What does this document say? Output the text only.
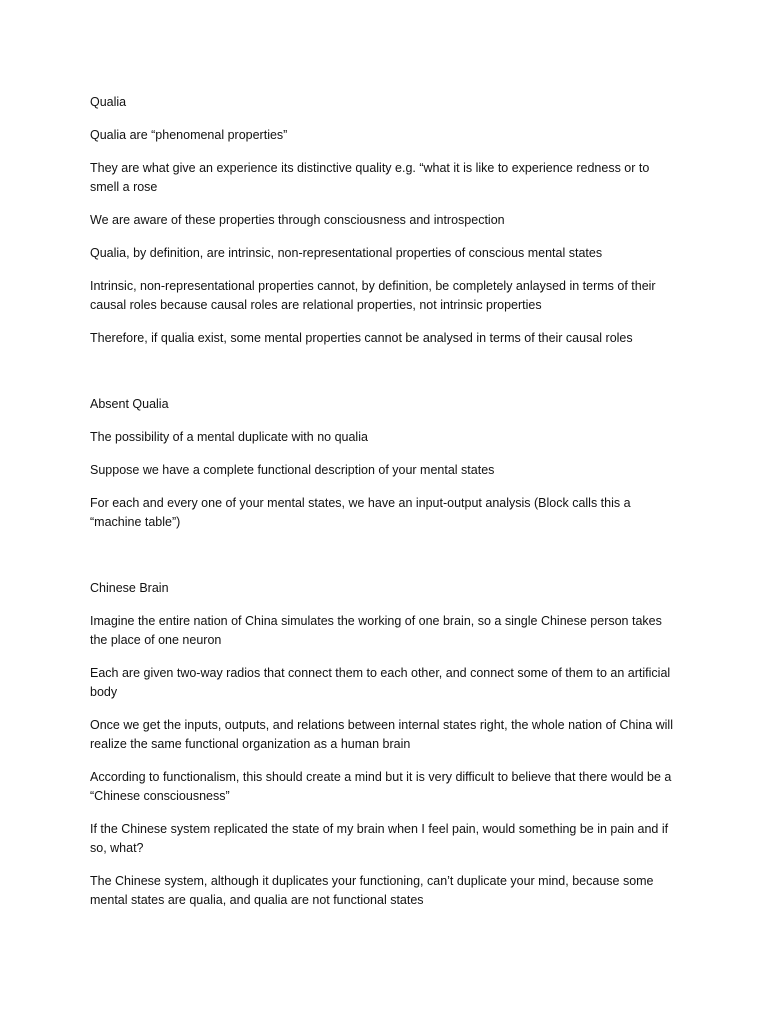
Qualia
Qualia are “phenomenal properties”
They are what give an experience its distinctive quality e.g. “what it is like to experience redness or to smell a rose
We are aware of these properties through consciousness and introspection
Qualia, by definition, are intrinsic, non-representational properties of conscious mental states
Intrinsic, non-representational properties cannot, by definition, be completely anlaysed in terms of their causal roles because causal roles are relational properties, not intrinsic properties
Therefore, if qualia exist, some mental properties cannot be analysed in terms of their causal roles
Absent Qualia
The possibility of a mental duplicate with no qualia
Suppose we have a complete functional description of your mental states
For each and every one of your mental states, we have an input-output analysis (Block calls this a “machine table”)
Chinese Brain
Imagine the entire nation of China simulates the working of one brain, so a single Chinese person takes the place of one neuron
Each are given two-way radios that connect them to each other, and connect some of them to an artificial body
Once we get the inputs, outputs, and relations between internal states right, the whole nation of China will realize the same functional organization as a human brain
According to functionalism, this should create a mind but it is very difficult to believe that there would be a “Chinese consciousness”
If the Chinese system replicated the state of my brain when I feel pain, would something be in pain and if so, what?
The Chinese system, although it duplicates your functioning, can’t duplicate your mind, because some mental states are qualia, and qualia are not functional states
